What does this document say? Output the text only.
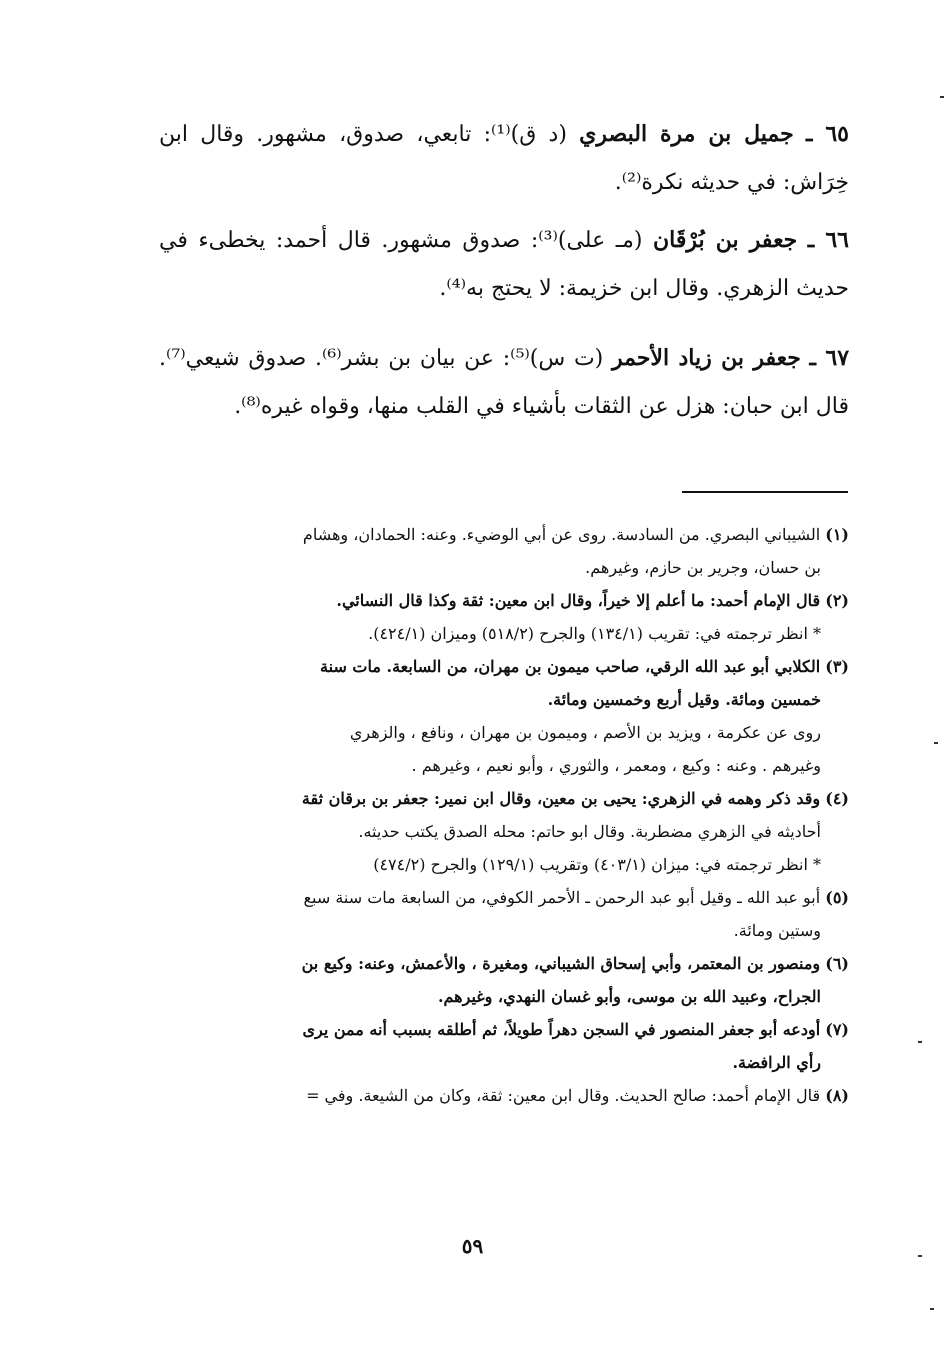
٦٥ ـ جميل بن مرة البصري (د ق)⁽¹⁾: تابعي، صدوق، مشهور. وقال ابن خِرَاش: في حديثه نكرة⁽²⁾.
٦٦ ـ جعفر بن بُرْقَان (مـ على)⁽³⁾: صدوق مشهور. قال أحمد: يخطىء في حديث الزهري. وقال ابن خزيمة: لا يحتج به⁽⁴⁾.
٦٧ ـ جعفر بن زياد الأحمر (ت س)⁽⁵⁾: عن بيان بن بشر⁽⁶⁾. صدوق شيعي⁽⁷⁾. قال ابن حبان: هزل عن الثقات بأشياء في القلب منها، وقواه غيره⁽⁸⁾.
(١) الشيباني البصري. من السادسة. روى عن أبي الوضيء. وعنه: الحمادان، وهشام
بن حسان، وجرير بن حازم، وغيرهم.
(٢) قال الإمام أحمد: ما أعلم إلا خيراً، وقال ابن معين: ثقة وكذا قال النسائي.
* انظر ترجمته في: تقريب (١٣٤/١) والجرح (٥١٨/٢) وميزان (٤٢٤/١).
(٣) الكلابي أبو عبد الله الرقي، صاحب ميمون بن مهران، من السابعة. مات سنة
خمسين ومائة. وقيل أربع وخمسين ومائة.
روى عن عكرمة ، ويزيد بن الأصم ، وميمون بن مهران ، ونافع ، والزهري
وغيرهم . وعنه : وكيع ، ومعمر ، والثوري ، وأبو نعيم ، وغيرهم .
(٤) وقد ذكر وهمه في الزهري: يحيى بن معين، وقال ابن نمير: جعفر بن برقان ثقة
أحاديثه في الزهري مضطربة. وقال ابو حاتم: محله الصدق يكتب حديثه.
* انظر ترجمته في: ميزان (٤٠٣/١) وتقريب (١٢٩/١) والجرح (٤٧٤/٢)
(٥) أبو عبد الله ـ وقيل أبو عبد الرحمن ـ الأحمر الكوفي، من السابعة مات سنة سبع
وستين ومائة.
(٦) ومنصور بن المعتمر، وأبي إسحاق الشيباني، ومغيرة ، والأعمش، وعنه: وكيع بن
الجراح، وعبيد الله بن موسى، وأبو غسان النهدي، وغيرهم.
(٧) أودعه أبو جعفر المنصور في السجن دهراً طويلاً، ثم أطلقه بسبب أنه ممن يرى
رأي الرافضة.
(٨) قال الإمام أحمد: صالح الحديث. وقال ابن معين: ثقة، وكان من الشيعة. وفي =
٥٩
